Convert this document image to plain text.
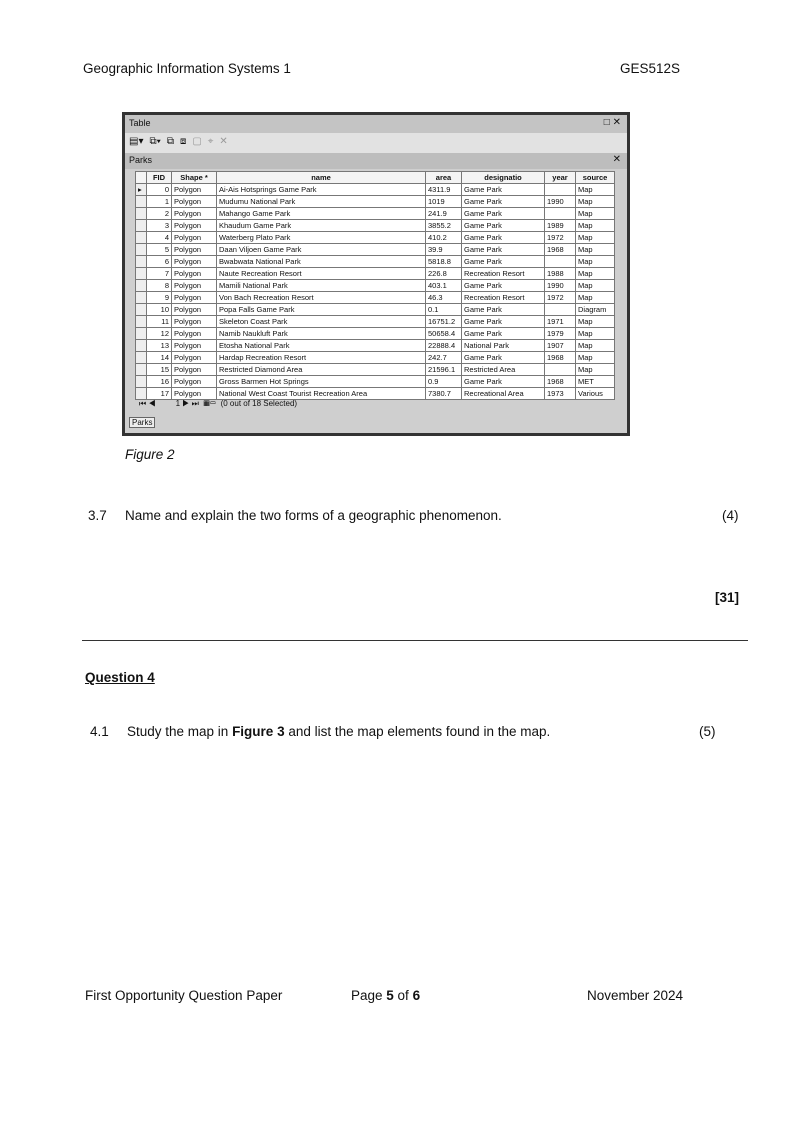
Geographic Information Systems 1	GES512S
Table	□ ✕
▤▾ ⧉▾ ⧉ ⧈ ▢ ⌖ ✕
Parks	✕
	FID	Shape *	name	area	designatio	year	source
▸	0	Polygon	Ai-Ais Hotsprings Game Park	4311.9	Game Park		Map
	1	Polygon	Mudumu National Park	1019	Game Park	1990	Map
	2	Polygon	Mahango Game Park	241.9	Game Park		Map
	3	Polygon	Khaudum Game Park	3855.2	Game Park	1989	Map
	4	Polygon	Waterberg Plato Park	410.2	Game Park	1972	Map
	5	Polygon	Daan Viljoen Game Park	39.9	Game Park	1968	Map
	6	Polygon	Bwabwata National Park	5818.8	Game Park		Map
	7	Polygon	Naute Recreation Resort	226.8	Recreation Resort	1988	Map
	8	Polygon	Mamili National Park	403.1	Game Park	1990	Map
	9	Polygon	Von Bach Recreation Resort	46.3	Recreation Resort	1972	Map
	10	Polygon	Popa Falls Game Park	0.1	Game Park		Diagram
	11	Polygon	Skeleton Coast Park	16751.2	Game Park	1971	Map
	12	Polygon	Namib Naukluft Park	50658.4	Game Park	1979	Map
	13	Polygon	Etosha National Park	22888.4	National Park	1907	Map
	14	Polygon	Hardap Recreation Resort	242.7	Game Park	1968	Map
	15	Polygon	Restricted Diamond Area	21596.1	Restricted Area		Map
	16	Polygon	Gross Barmen Hot Springs	0.9	Game Park	1968	MET
	17	Polygon	National West Coast Tourist Recreation Area	7380.7	Recreational Area	1973	Various
⏮ ◀	1 ▶ ⏭ ▦▭ (0 out of 18 Selected)
Parks
Figure 2
3.7 Name and explain the two forms of a geographic phenomenon.	(4)
[31]
Question 4
4.1 Study the map in Figure 3 and list the map elements found in the map.	(5)
First Opportunity Question Paper	Page 5 of 6	November 2024
